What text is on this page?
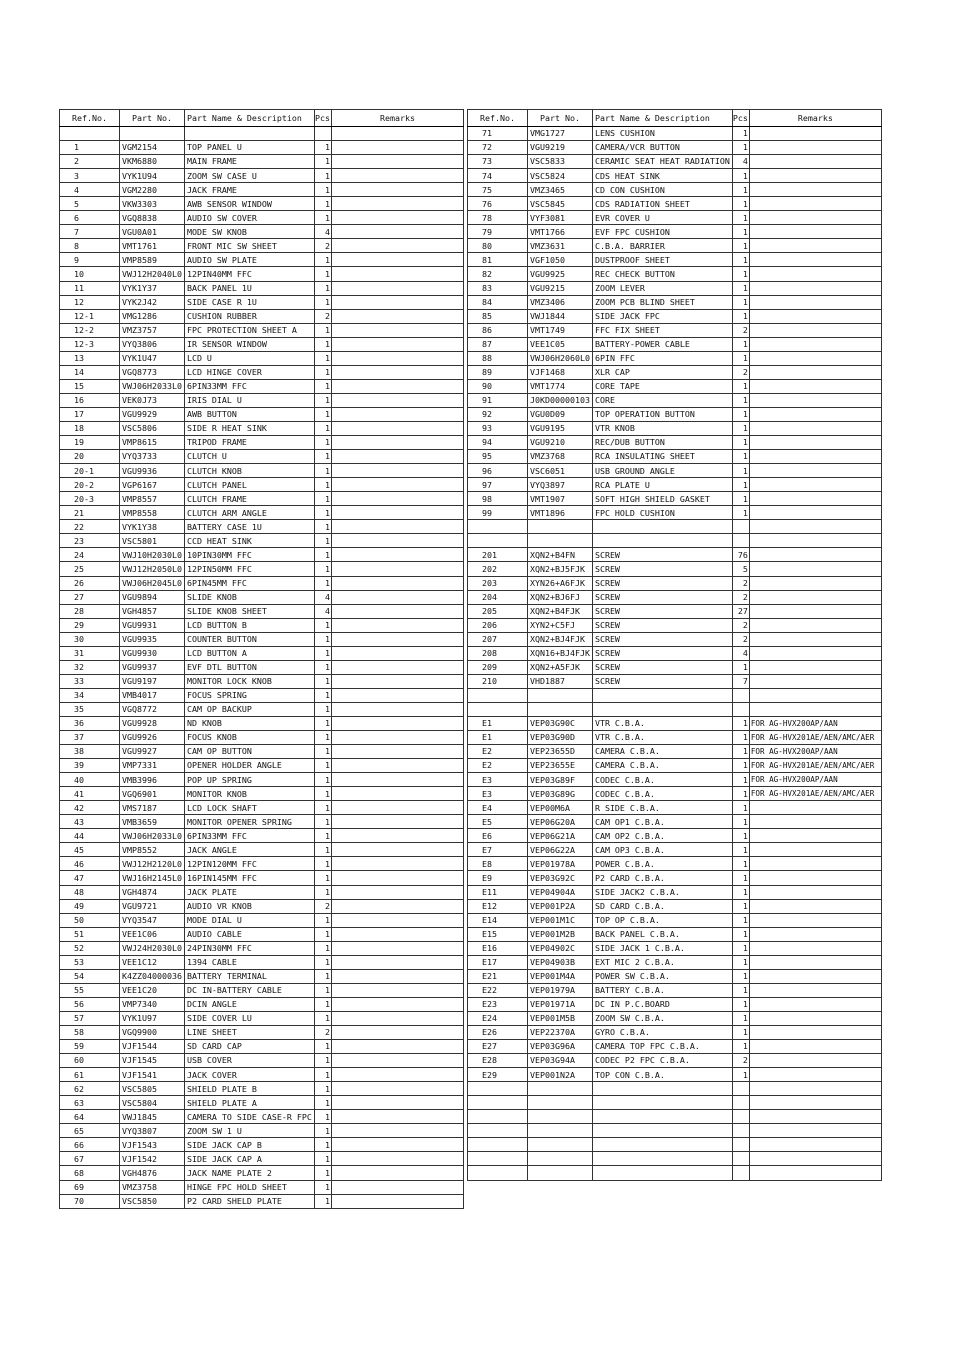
Ref.No.	Part No.	Part Name & Description	Pcs	Remarks

1	VGM2154	TOP PANEL U	1	
2	VKM6880	MAIN FRAME	1	
3	VYK1U94	ZOOM SW CASE U	1	
4	VGM2280	JACK FRAME	1	
5	VKW3303	AWB SENSOR WINDOW	1	
6	VGQ8838	AUDIO SW COVER	1	
7	VGU0A01	MODE SW KNOB	4	
8	VMT1761	FRONT MIC SW SHEET	2	
9	VMP8589	AUDIO SW PLATE	1	
10	VWJ12H2040L0	12PIN40MM FFC	1	
11	VYK1Y37	BACK PANEL 1U	1	
12	VYK2J42	SIDE CASE R 1U	1	
12-1	VMG1286	CUSHION RUBBER	2	
12-2	VMZ3757	FPC PROTECTION SHEET A	1	
12-3	VYQ3806	IR SENSOR WINDOW	1	
13	VYK1U47	LCD U	1	
14	VGQ8773	LCD HINGE COVER	1	
15	VWJ06H2033L0	6PIN33MM FFC	1	
16	VEK0J73	IRIS DIAL U	1	
17	VGU9929	AWB BUTTON	1	
18	VSC5806	SIDE R HEAT SINK	1	
19	VMP8615	TRIPOD FRAME	1	
20	VYQ3733	CLUTCH U	1	
20-1	VGU9936	CLUTCH KNOB	1	
20-2	VGP6167	CLUTCH PANEL	1	
20-3	VMP8557	CLUTCH FRAME	1	
21	VMP8558	CLUTCH ARM ANGLE	1	
22	VYK1Y38	BATTERY CASE 1U	1	
23	VSC5801	CCD HEAT SINK	1	
24	VWJ10H2030L0	10PIN30MM FFC	1	
25	VWJ12H2050L0	12PIN50MM FFC	1	
26	VWJ06H2045L0	6PIN45MM FFC	1	
27	VGU9894	SLIDE KNOB	4	
28	VGH4857	SLIDE KNOB SHEET	4	
29	VGU9931	LCD BUTTON B	1	
30	VGU9935	COUNTER BUTTON	1	
31	VGU9930	LCD BUTTON A	1	
32	VGU9937	EVF DTL BUTTON	1	
33	VGU9197	MONITOR LOCK KNOB	1	
34	VMB4017	FOCUS SPRING	1	
35	VGQ8772	CAM OP BACKUP	1	
36	VGU9928	ND KNOB	1	
37	VGU9926	FOCUS KNOB	1	
38	VGU9927	CAM OP BUTTON	1	
39	VMP7331	OPENER HOLDER ANGLE	1	
40	VMB3996	POP UP SPRING	1	
41	VGQ6901	MONITOR KNOB	1	
42	VMS7187	LCD LOCK SHAFT	1	
43	VMB3659	MONITOR OPENER SPRING	1	
44	VWJ06H2033L0	6PIN33MM FFC	1	
45	VMP8552	JACK ANGLE	1	
46	VWJ12H2120L0	12PIN120MM FFC	1	
47	VWJ16H2145L0	16PIN145MM FFC	1	
48	VGH4874	JACK PLATE	1	
49	VGU9721	AUDIO VR KNOB	2	
50	VYQ3547	MODE DIAL U	1	
51	VEE1C06	AUDIO CABLE	1	
52	VWJ24H2030L0	24PIN30MM FFC	1	
53	VEE1C12	1394 CABLE	1	
54	K4ZZ04000036	BATTERY TERMINAL	1	
55	VEE1C20	DC IN-BATTERY CABLE	1	
56	VMP7340	DCIN ANGLE	1	
57	VYK1U97	SIDE COVER LU	1	
58	VGQ9900	LINE SHEET	2	
59	VJF1544	SD CARD CAP	1	
60	VJF1545	USB COVER	1	
61	VJF1541	JACK COVER	1	
62	VSC5805	SHIELD PLATE B	1	
63	VSC5804	SHIELD PLATE A	1	
64	VWJ1845	CAMERA TO SIDE CASE-R FPC	1	
65	VYQ3807	ZOOM SW 1 U	1	
66	VJF1543	SIDE JACK CAP B	1	
67	VJF1542	SIDE JACK CAP A	1	
68	VGH4876	JACK NAME PLATE 2	1	
69	VMZ3758	HINGE FPC HOLD SHEET	1	
70	VSC5850	P2 CARD SHELD PLATE	1	
Ref.No.	Part No.	Part Name & Description	Pcs	Remarks
71	VMG1727	LENS CUSHION	1	
72	VGU9219	CAMERA/VCR BUTTON	1	
73	VSC5833	CERAMIC SEAT HEAT RADIATION	4	
74	VSC5824	CDS HEAT SINK	1	
75	VMZ3465	CD CON CUSHION	1	
76	VSC5845	CDS RADIATION SHEET	1	
78	VYF3081	EVR COVER U	1	
79	VMT1766	EVF FPC CUSHION	1	
80	VMZ3631	C.B.A. BARRIER	1	
81	VGF1050	DUSTPROOF SHEET	1	
82	VGU9925	REC CHECK BUTTON	1	
83	VGU9215	ZOOM LEVER	1	
84	VMZ3406	ZOOM PCB BLIND SHEET	1	
85	VWJ1844	SIDE JACK FPC	1	
86	VMT1749	FFC FIX SHEET	2	
87	VEE1C05	BATTERY-POWER CABLE	1	
88	VWJ06H2060L0	6PIN FFC	1	
89	VJF1468	XLR CAP	2	
90	VMT1774	CORE TAPE	1	
91	J0KD00000103	CORE	1	
92	VGU0D09	TOP OPERATION BUTTON	1	
93	VGU9195	VTR KNOB	1	
94	VGU9210	REC/DUB BUTTON	1	
95	VMZ3768	RCA INSULATING SHEET	1	
96	VSC6051	USB GROUND ANGLE	1	
97	VYQ3897	RCA PLATE U	1	
98	VMT1907	SOFT HIGH SHIELD GASKET	1	
99	VMT1896	FPC HOLD CUSHION	1	

201	XQN2+B4FN	SCREW	76	
202	XQN2+BJ5FJK	SCREW	5	
203	XYN26+A6FJK	SCREW	2	
204	XQN2+BJ6FJ	SCREW	2	
205	XQN2+B4FJK	SCREW	27	
206	XYN2+C5FJ	SCREW	2	
207	XQN2+BJ4FJK	SCREW	2	
208	XQN16+BJ4FJK	SCREW	4	
209	XQN2+A5FJK	SCREW	1	
210	VHD1887	SCREW	7	

E1	VEP03G90C	VTR C.B.A.	1	FOR AG-HVX200AP/AAN
E1	VEP03G90D	VTR C.B.A.	1	FOR AG-HVX201AE/AEN/AMC/AER
E2	VEP23655D	CAMERA C.B.A.	1	FOR AG-HVX200AP/AAN
E2	VEP23655E	CAMERA C.B.A.	1	FOR AG-HVX201AE/AEN/AMC/AER
E3	VEP03G89F	CODEC C.B.A.	1	FOR AG-HVX200AP/AAN
E3	VEP03G89G	CODEC C.B.A.	1	FOR AG-HVX201AE/AEN/AMC/AER
E4	VEP00M6A	R SIDE C.B.A.	1	
E5	VEP06G20A	CAM OP1 C.B.A.	1	
E6	VEP06G21A	CAM OP2 C.B.A.	1	
E7	VEP06G22A	CAM OP3 C.B.A.	1	
E8	VEP01978A	POWER C.B.A.	1	
E9	VEP03G92C	P2 CARD C.B.A.	1	
E11	VEP04904A	SIDE JACK2 C.B.A.	1	
E12	VEP001P2A	SD CARD C.B.A.	1	
E14	VEP001M1C	TOP OP C.B.A.	1	
E15	VEP001M2B	BACK PANEL C.B.A.	1	
E16	VEP04902C	SIDE JACK 1 C.B.A.	1	
E17	VEP04903B	EXT MIC 2 C.B.A.	1	
E21	VEP001M4A	POWER SW C.B.A.	1	
E22	VEP01979A	BATTERY C.B.A.	1	
E23	VEP01971A	DC IN P.C.BOARD	1	
E24	VEP001M5B	ZOOM SW C.B.A.	1	
E26	VEP22370A	GYRO C.B.A.	1	
E27	VEP03G96A	CAMERA TOP FPC C.B.A.	1	
E28	VEP03G94A	CODEC P2 FPC C.B.A.	2	
E29	VEP001N2A	TOP CON C.B.A.	1	
